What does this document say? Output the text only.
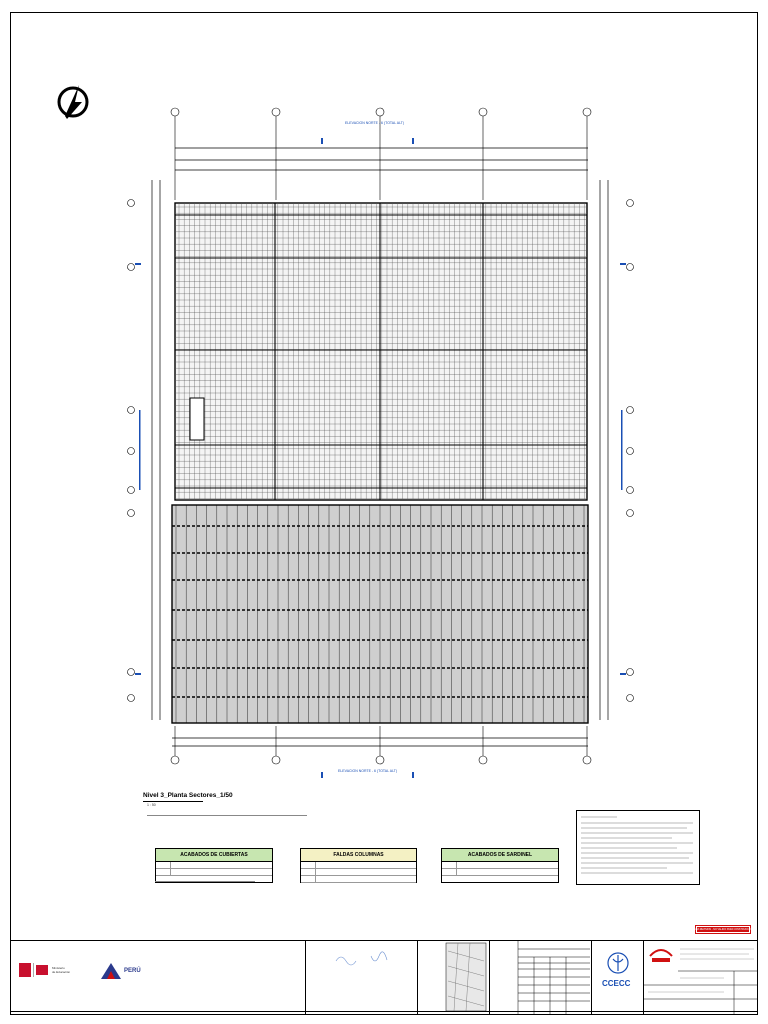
ELEVACION NORTE - 6 (TOTAL ALT)
ELEVACION NORTE - 6 (TOTAL ALT)
Nivel 3_Planta Sectores_1/50
1 : 50
ACABADOS DE CUBIERTAS	FALDAS COLUMNAS	ACABADOS DE SARDINEL
PARA REVISION - NO VALIDO PARA CONSTRUCCION
Ministerio
de Educación	PERÚ
CCECC
